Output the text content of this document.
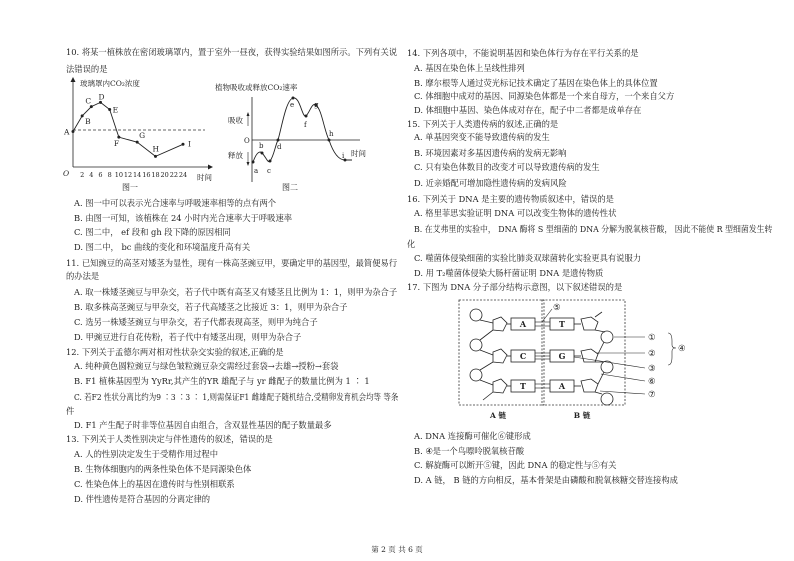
10. 将某一植株放在密闭玻璃罩内，置于室外一昼夜，获得实验结果如图所示。下列有关说
法错误的是
玻璃罩内CO₂浓度
O	时间
2 4 6 8 10 12 14 16 18 20 22 24
A
B
C D
E
F
G
H
I
图一
植物吸收或释放CO₂速率
O
吸收
释放	时间
a
b
c
d
e
f
g
h
i
图二
A. 图一中可以表示光合速率与呼吸速率相等的点有两个
B. 由图一可知，该植株在 24 小时内光合速率大于呼吸速率
C. 图二中， ef 段和 gh 段下降的原因相同
D. 图二中， bc 曲线的变化和环境温度升高有关
11. 已知豌豆的高茎对矮茎为显性，现有一株高茎豌豆甲，要确定甲的基因型，最简便易行
的办法是
A. 取一株矮茎豌豆与甲杂交，若子代中既有高茎又有矮茎且比例为 1：1，则甲为杂合子
B. 取多株高茎豌豆与甲杂交，若子代高矮茎之比接近 3：1，则甲为杂合子
C. 选另一株矮茎豌豆与甲杂交，若子代都表现高茎，则甲为纯合子
D. 甲豌豆进行自花传粉，若子代中有矮茎出现，则甲为杂合子
12. 下列关于孟德尔两对相对性状杂交实验的叙述,正确的是
A. 纯种黄色圆粒豌豆与绿色皱粒豌豆杂交需经过套袋→去雄→授粉→套袋
B. F1 植株基因型为 YyRr,其产生的YR 雄配子与 yr 雌配子的数量比例为 1 ∶ 1
C. 若F2 性状分离比约为9 ∶3 ∶3 ∶ 1,则需保证F1 雌雄配子随机结合,受精卵发育机会均等 等条
件
D. F1 产生配子时非等位基因自由组合，含双显性基因的配子数量最多
13. 下列关于人类性别决定与伴性遗传的叙述，错误的是
A. 人的性别决定发生于受精作用过程中
B. 生物体细胞内的两条性染色体不是同源染色体
C. 性染色体上的基因在遗传时与性别相联系
D. 伴性遗传是符合基因的分离定律的
14. 下列各项中，不能说明基因和染色体行为存在平行关系的是
A. 基因在染色体上呈线性排列
B. 摩尔根等人通过荧光标记技术确定了基因在染色体上的具体位置
C. 体细胞中成对的基因、同源染色体都是一个来自母方，一个来自父方
D. 体细胞中基因、染色体成对存在，配子中二者都是成单存在
15. 下列关于人类遗传病的叙述,正确的是
A. 单基因突变不能导致遗传病的发生
B. 环境因素对多基因遗传病的发病无影响
C. 只有染色体数目的改变才可以导致遗传病的发生
D. 近亲婚配可增加隐性遗传病的发病风险
16. 下列关于 DNA 是主要的遗传物质叙述中，错误的是
A. 格里菲思实验证明 DNA 可以改变生物体的遗传性状
B. 在艾弗里的实验中， DNA 酶将 S 型细菌的 DNA 分解为脱氧核苷酸， 因此不能使 R 型细菌发生转
化
C. 噬菌体侵染细菌的实验比肺炎双球菌转化实验更具有说服力
D. 用 T₂噬菌体侵染大肠杆菌证明 DNA 是遗传物质
17. 下图为 DNA 分子部分结构示意图，以下叙述错误的是
A
C
T
T
G
A
A 链	B 链
⑤
①
②
③
④
⑥
⑦
A. DNA 连接酶可催化⑥键形成
B. ④是一个鸟嘌呤脱氧核苷酸
C. 解旋酶可以断开⑤键，因此 DNA 的稳定性与⑤有关
D. A 链， B 链的方向相反，基本骨架是由磷酸和脱氧核糖交替连接构成
第 2 页 共 6 页
